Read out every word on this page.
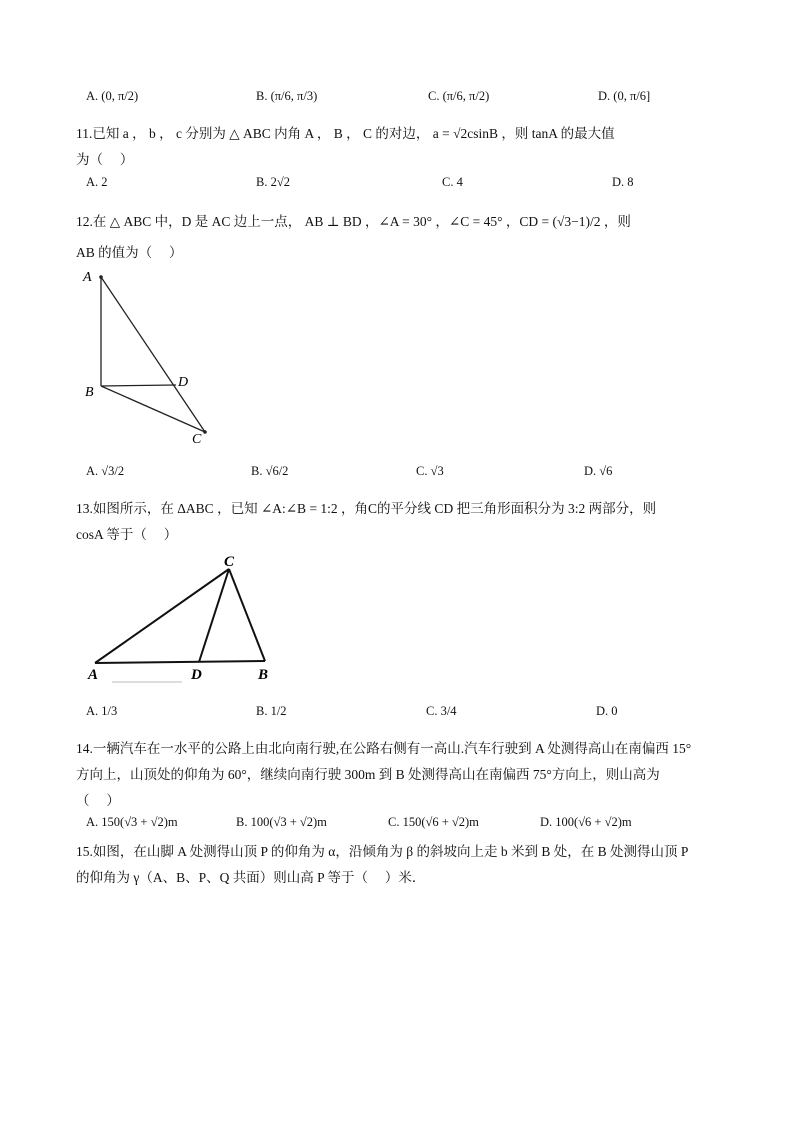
A. (0, π/2)	B. (π/6, π/3)	C. (π/6, π/2)	D. (0, π/6]
11.已知 a ， b ， c 分别为 △ ABC 内角 A ， B ， C 的对边， a = √2csinB ，则 tanA 的最大值
为（　 ）
A. 2	B. 2√2	C. 4	D. 8
12.在 △ ABC 中，D 是 AC 边上一点， AB ⊥ BD ，∠A = 30° ，∠C = 45° ，CD = (√3−1)/2 ，则
AB 的值为（　 ）
A
B
D
C
A. √3/2	B. √6/2	C. √3	D. √6
13.如图所示，在 ΔABC ，已知 ∠A:∠B = 1:2 ，角C的平分线 CD 把三角形面积分为 3:2 两部分，则
cosA 等于（　 ）
C
A	D	B
A. 1/3	B. 1/2	C. 3/4	D. 0
14.一辆汽车在一水平的公路上由北向南行驶,在公路右侧有一高山.汽车行驶到 A 处测得高山在南偏西 15°
方向上，山顶处的仰角为 60°，继续向南行驶 300m 到 B 处测得高山在南偏西 75°方向上，则山高为
（　 ）
A. 150(√3 + √2)m	B. 100(√3 + √2)m	C. 150(√6 + √2)m	D. 100(√6 + √2)m
15.如图，在山脚 A 处测得山顶 P 的仰角为 α，沿倾角为 β 的斜坡向上走 b 米到 B 处，在 B 处测得山顶 P
的仰角为 γ（A、B、P、Q 共面）则山高 P 等于（　 ）米．
